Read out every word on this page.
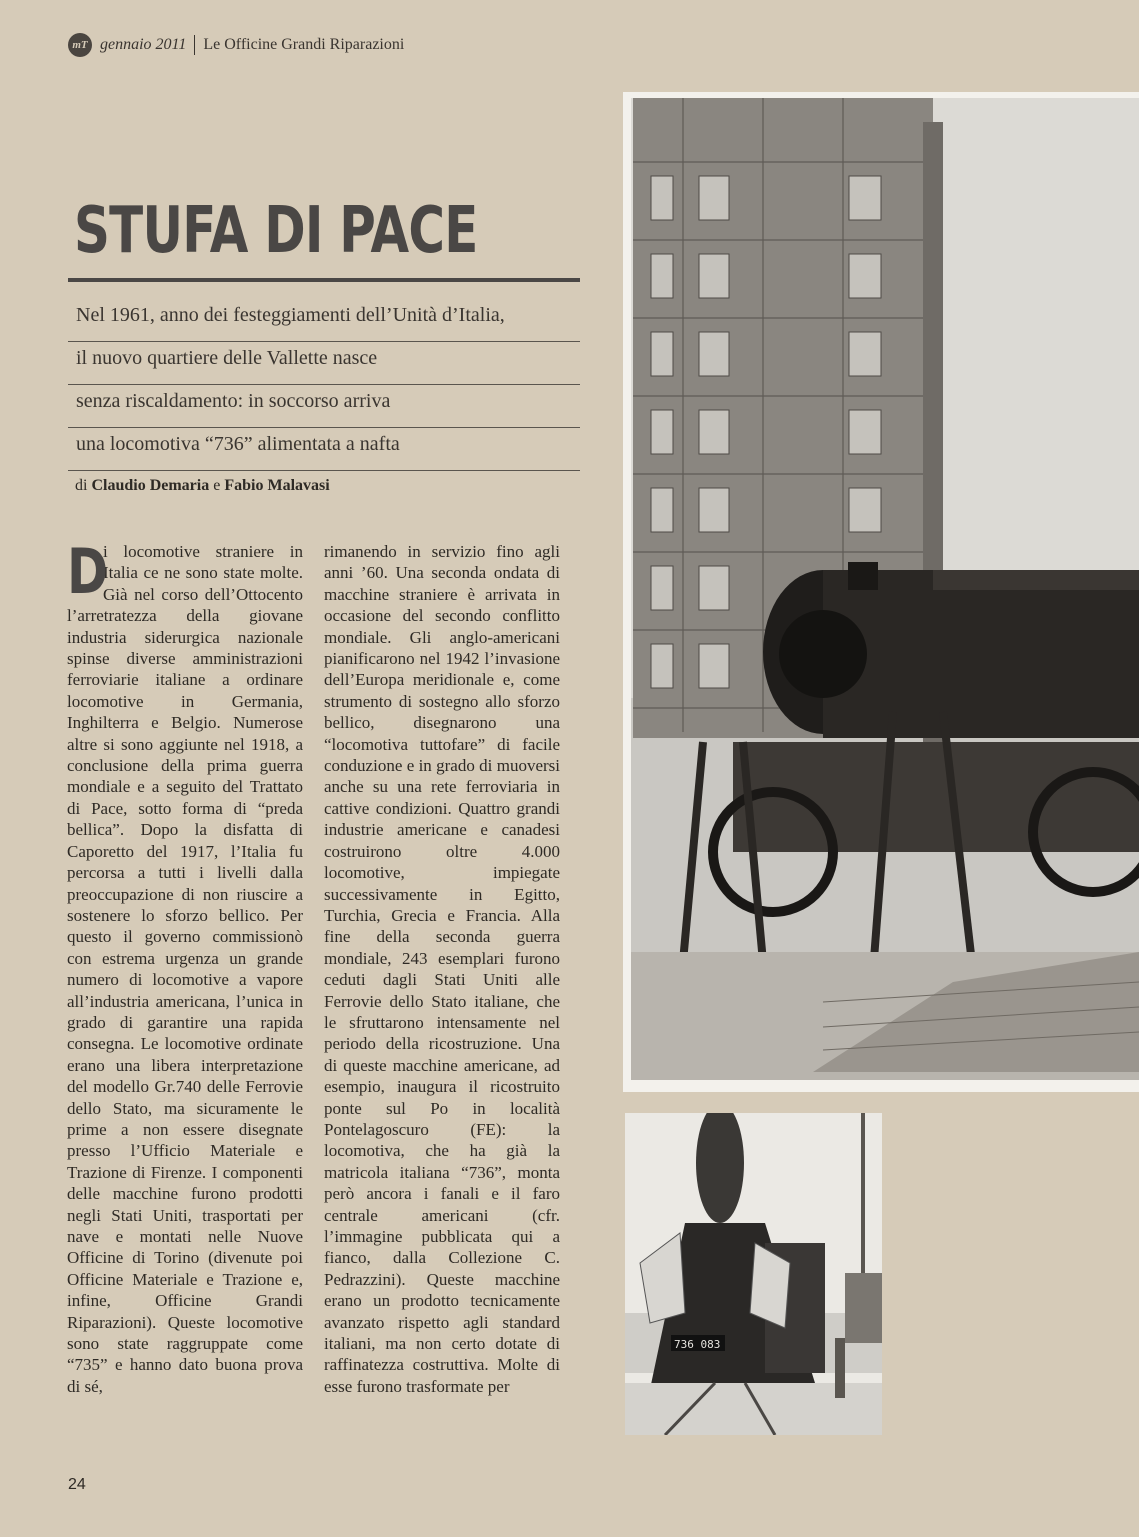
mT gennaio 2011 Le Officine Grandi Riparazioni
STUFA DI PACE
Nel 1961, anno dei festeggiamenti dell’Unità d’Italia,
il nuovo quartiere delle Vallette nasce
senza riscaldamento: in soccorso arriva
una locomotiva “736” alimentata a nafta
di Claudio Demaria e Fabio Malavasi
D
i locomotive straniere in Italia ce ne sono state molte. Già nel corso dell’Ottocento l’arretratezza della giovane industria siderurgica nazionale spinse diverse amministrazioni ferroviarie italiane a ordinare locomotive in Germania, Inghilterra e Belgio. Numerose altre si sono aggiunte nel 1918, a conclusione della prima guerra mondiale e a seguito del Trattato di Pace, sotto forma di “preda bellica”. Dopo la disfatta di Caporetto del 1917, l’Italia fu percorsa a tutti i livelli dalla preoccupazione di non riuscire a sostenere lo sforzo bellico. Per questo il governo commissionò con estrema urgenza un grande numero di locomotive a vapore all’industria americana, l’unica in grado di garantire una rapida consegna. Le locomotive ordinate erano una libera interpretazione del modello Gr.740 delle Ferrovie dello Stato, ma sicuramente le prime a non essere disegnate presso l’Ufficio Materiale e Trazione di Firenze. I componenti delle macchine furono prodotti negli Stati Uniti, trasportati per nave e montati nelle Nuove Officine di Torino (divenute poi Officine Materiale e Trazione e, infine, Officine Grandi Riparazioni). Queste locomotive sono state raggruppate come “735” e hanno dato buona prova di sé,
rimanendo in servizio fino agli anni ’60. Una seconda ondata di macchine straniere è arrivata in occasione del secondo conflitto mondiale. Gli anglo-americani pianificarono nel 1942 l’invasione dell’Europa meridionale e, come strumento di sostegno allo sforzo bellico, disegnarono una “locomotiva tuttofare” di facile conduzione e in grado di muoversi anche su una rete ferroviaria in cattive condizioni. Quattro grandi industrie americane e canadesi costruirono oltre 4.000 locomotive, impiegate successivamente in Egitto, Turchia, Grecia e Francia. Alla fine della seconda guerra mondiale, 243 esemplari furono ceduti dagli Stati Uniti alle Ferrovie dello Stato italiane, che le sfruttarono intensamente nel periodo della ricostruzione. Una di queste macchine americane, ad esempio, inaugura il ricostruito ponte sul Po in località Pontelagoscuro (FE): la locomotiva, che ha già la matricola italiana “736”, monta però ancora i fanali e il faro centrale americani (cfr. l’immagine pubblicata qui a fianco, dalla Collezione C. Pedrazzini). Queste macchine erano un prodotto tecnicamente avanzato rispetto agli standard italiani, ma non certo dotate di raffinatezza costruttiva. Molte di esse furono trasformate per
24
736 083
